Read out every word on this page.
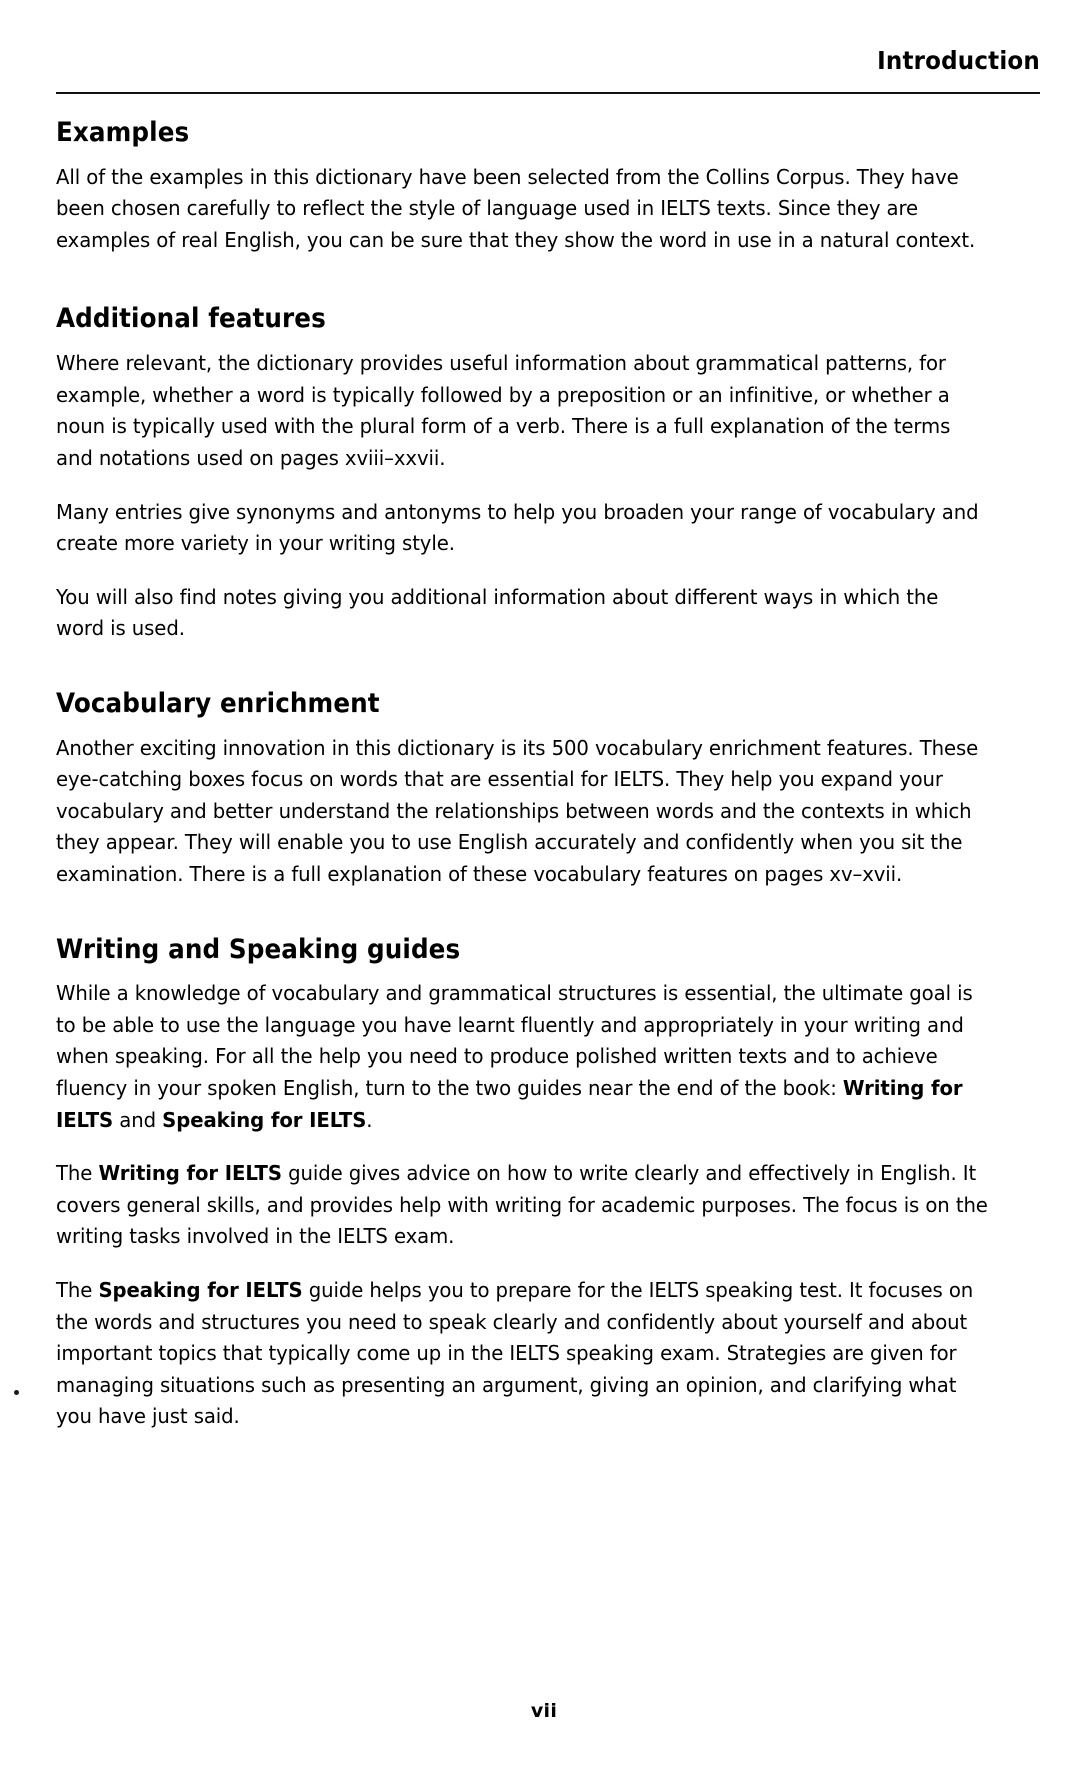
Introduction
Examples

All of the examples in this dictionary have been selected from the Collins Corpus. They have been chosen carefully to reflect the style of language used in IELTS texts. Since they are examples of real English, you can be sure that they show the word in use in a natural context.

Additional features

Where relevant, the dictionary provides useful information about grammatical patterns, for example, whether a word is typically followed by a preposition or an infinitive, or whether a noun is typically used with the plural form of a verb. There is a full explanation of the terms and notations used on pages xviii–xxvii.

Many entries give synonyms and antonyms to help you broaden your range of vocabulary and create more variety in your writing style.

You will also find notes giving you additional information about different ways in which the word is used.

Vocabulary enrichment

Another exciting innovation in this dictionary is its 500 vocabulary enrichment features. These eye-catching boxes focus on words that are essential for IELTS. They help you expand your vocabulary and better understand the relationships between words and the contexts in which they appear. They will enable you to use English accurately and confidently when you sit the examination. There is a full explanation of these vocabulary features on pages xv–xvii.

Writing and Speaking guides

While a knowledge of vocabulary and grammatical structures is essential, the ultimate goal is to be able to use the language you have learnt fluently and appropriately in your writing and when speaking. For all the help you need to produce polished written texts and to achieve fluency in your spoken English, turn to the two guides near the end of the book: Writing for IELTS and Speaking for IELTS.

The Writing for IELTS guide gives advice on how to write clearly and effectively in English. It covers general skills, and provides help with writing for academic purposes. The focus is on the writing tasks involved in the IELTS exam.

The Speaking for IELTS guide helps you to prepare for the IELTS speaking test. It focuses on the words and structures you need to speak clearly and confidently about yourself and about important topics that typically come up in the IELTS speaking exam. Strategies are given for managing situations such as presenting an argument, giving an opinion, and clarifying what you have just said.

vii
